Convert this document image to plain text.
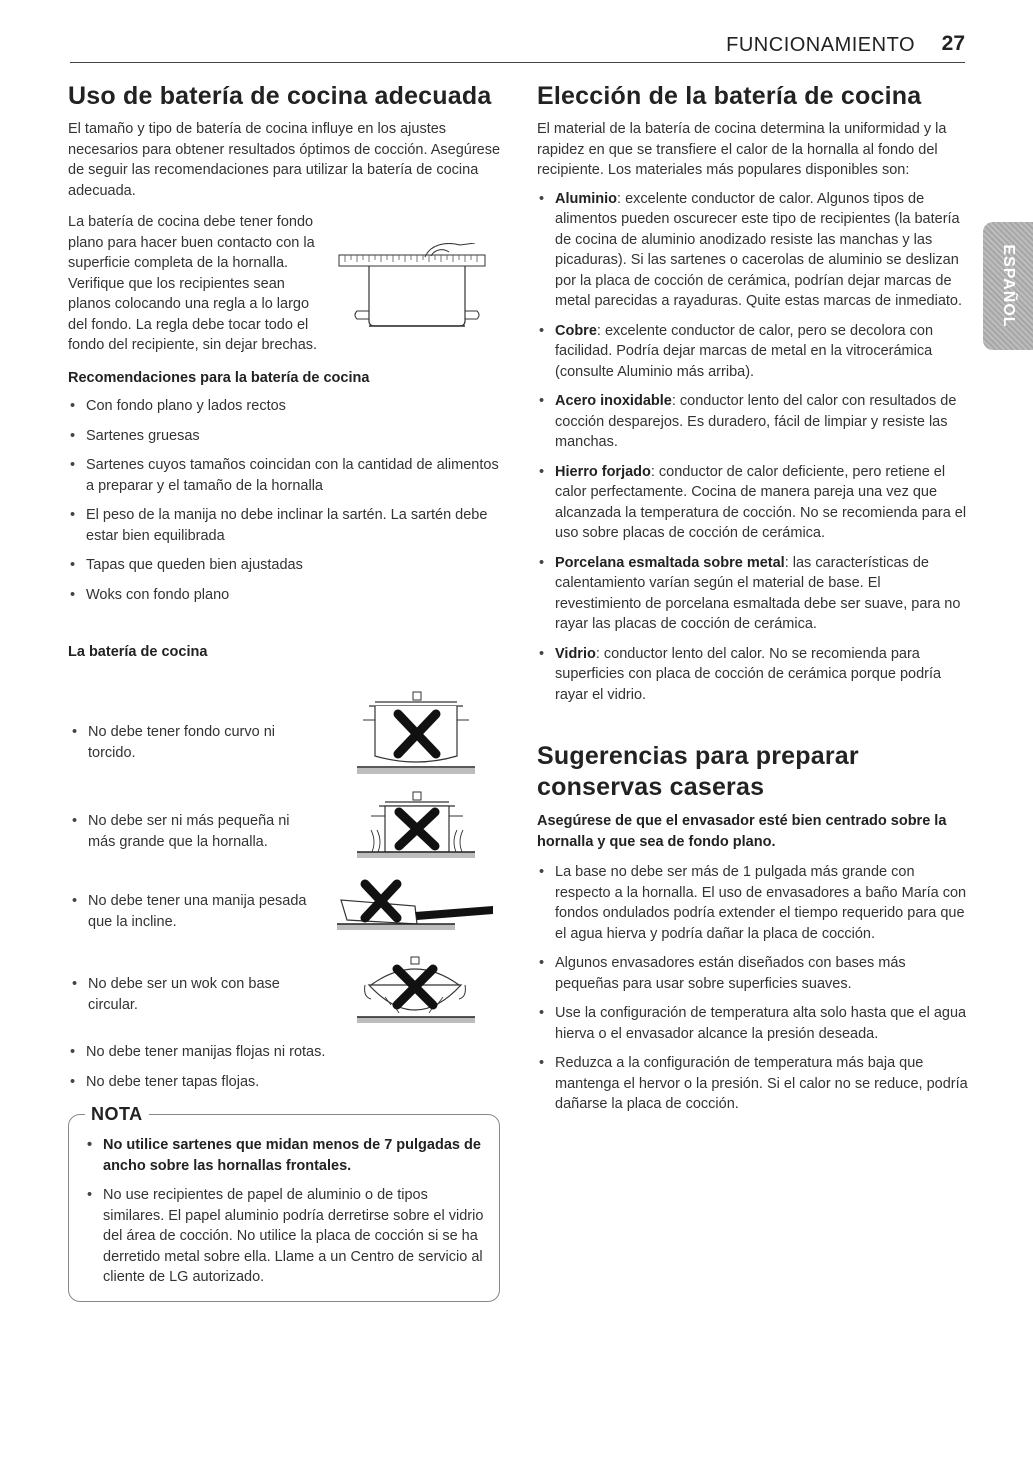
FUNCIONAMIENTO 27
ESPAÑOL
Uso de batería de cocina adecuada

El tamaño y tipo de batería de cocina influye en los ajustes necesarios para obtener resultados óptimos de cocción. Asegúrese de seguir las recomendaciones para utilizar la batería de cocina adecuada.

La batería de cocina debe tener fondo plano para hacer buen contacto con la superficie completa de la hornalla. Verifique que los recipientes sean planos colocando una regla a lo largo del fondo. La regla debe tocar todo el fondo del recipiente, sin dejar brechas.

Recomendaciones para la batería de cocina
• Con fondo plano y lados rectos
• Sartenes gruesas
• Sartenes cuyos tamaños coincidan con la cantidad de alimentos a preparar y el tamaño de la hornalla
• El peso de la manija no debe inclinar la sartén. La sartén debe estar bien equilibrada
• Tapas que queden bien ajustadas
• Woks con fondo plano
La batería de cocina
• No debe tener fondo curvo ni torcido.
• No debe ser ni más pequeña ni más grande que la hornalla.
• No debe tener una manija pesada que la incline.
• No debe ser un wok con base circular.
• No debe tener manijas flojas ni rotas.
• No debe tener tapas flojas.
NOTA
• No utilice sartenes que midan menos de 7 pulgadas de ancho sobre las hornallas frontales.
• No use recipientes de papel de aluminio o de tipos similares. El papel aluminio podría derretirse sobre el vidrio del área de cocción. No utilice la placa de cocción si se ha derretido metal sobre ella. Llame a un Centro de servicio al cliente de LG autorizado.
Elección de la batería de cocina

El material de la batería de cocina determina la uniformidad y la rapidez en que se transfiere el calor de la hornalla al fondo del recipiente. Los materiales más populares disponibles son:

• Aluminio: excelente conductor de calor. Algunos tipos de alimentos pueden oscurecer este tipo de recipientes (la batería de cocina de aluminio anodizado resiste las manchas y las picaduras). Si las sartenes o cacerolas de aluminio se deslizan por la placa de cocción de cerámica, podrían dejar marcas de metal parecidas a rayaduras. Quite estas marcas de inmediato.
• Cobre: excelente conductor de calor, pero se decolora con facilidad. Podría dejar marcas de metal en la vitrocerámica (consulte Aluminio más arriba).
• Acero inoxidable: conductor lento del calor con resultados de cocción desparejos. Es duradero, fácil de limpiar y resiste las manchas.
• Hierro forjado: conductor de calor deficiente, pero retiene el calor perfectamente. Cocina de manera pareja una vez que alcanzada la temperatura de cocción. No se recomienda para el uso sobre placas de cocción de cerámica.
• Porcelana esmaltada sobre metal: las características de calentamiento varían según el material de base. El revestimiento de porcelana esmaltada debe ser suave, para no rayar las placas de cocción de cerámica.
• Vidrio: conductor lento del calor. No se recomienda para superficies con placa de cocción de cerámica porque podría rayar el vidrio.
Sugerencias para preparar conservas caseras
Asegúrese de que el envasador esté bien centrado sobre la hornalla y que sea de fondo plano.
• La base no debe ser más de 1 pulgada más grande con respecto a la hornalla. El uso de envasadores a baño María con fondos ondulados podría extender el tiempo requerido para que el agua hierva y podría dañar la placa de cocción.
• Algunos envasadores están diseñados con bases más pequeñas para usar sobre superficies suaves.
• Use la configuración de temperatura alta solo hasta que el agua hierva o el envasador alcance la presión deseada.
• Reduzca a la configuración de temperatura más baja que mantenga el hervor o la presión. Si el calor no se reduce, podría dañarse la placa de cocción.
